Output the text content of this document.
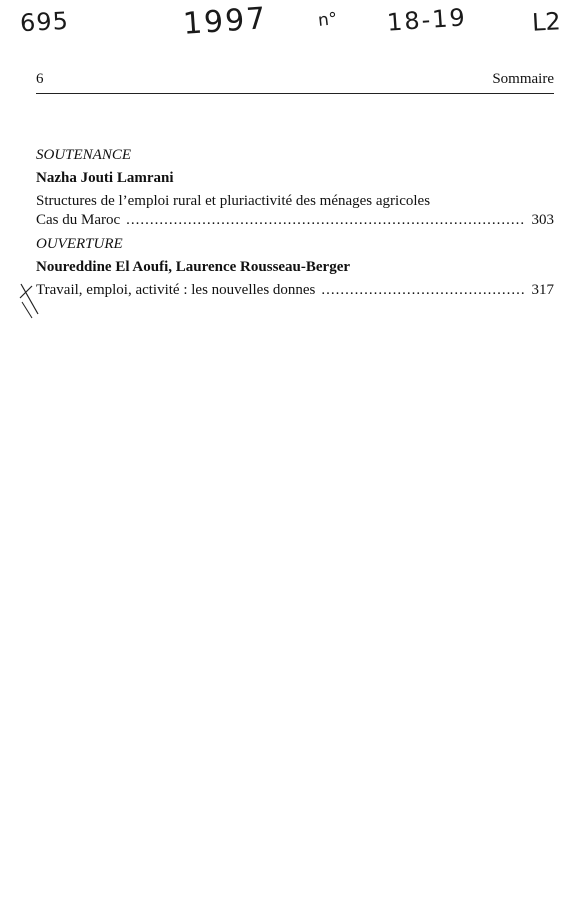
695	1997	n° 18-19	L2
6	Sommaire

SOUTENANCE

Nazha Jouti Lamrani

Structures de l’emploi rural et pluriactivité des ménages agricoles

Cas du Maroc .....	303

OUVERTURE

Noureddine El Aoufi, Laurence Rousseau-Berger

Travail, emploi, activité : les nouvelles donnes .....	317
